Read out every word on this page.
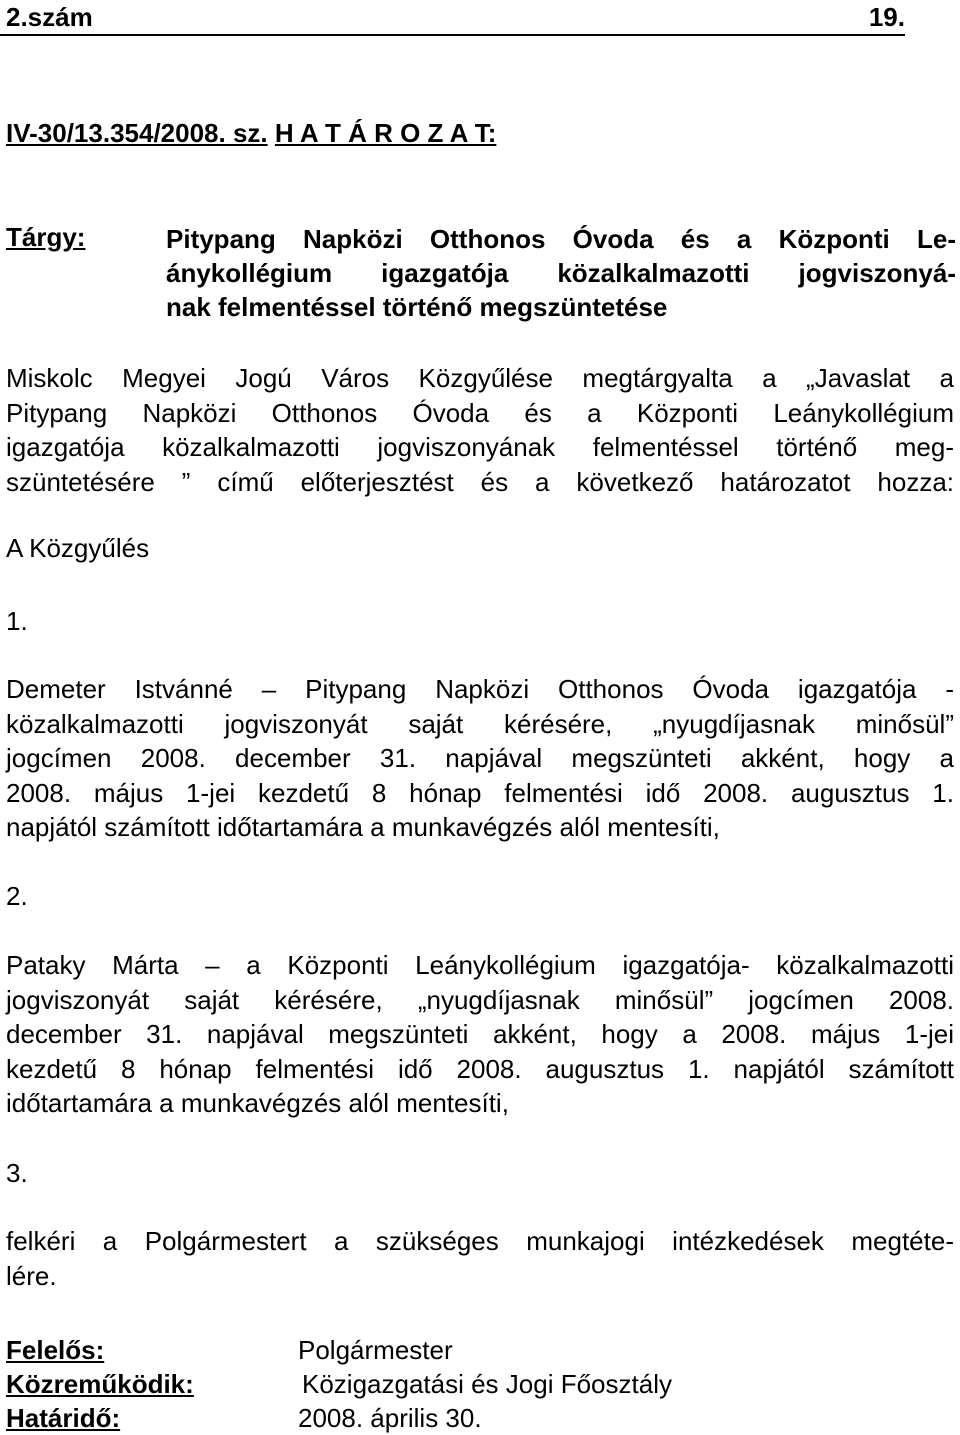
2.szám	19.
IV-30/13.354/2008. sz. H A T Á R O Z A T:
Tárgy:	Pitypang Napközi Otthonos Óvoda és a Központi Le-
ánykollégium igazgatója közalkalmazotti jogviszonyá-
nak felmentéssel történő megszüntetése
Miskolc Megyei Jogú Város Közgyűlése megtárgyalta a „Javaslat a
Pitypang Napközi Otthonos Óvoda és a Központi Leánykollégium
igazgatója közalkalmazotti jogviszonyának felmentéssel történő meg-
szüntetésére ” című előterjesztést és a következő határozatot hozza:
A Közgyűlés
1.
Demeter Istvánné – Pitypang Napközi Otthonos Óvoda igazgatója -
közalkalmazotti jogviszonyát saját kérésére, „nyugdíjasnak minősül”
jogcímen 2008. december 31. napjával megszünteti akként, hogy a
2008. május 1-jei kezdetű 8 hónap felmentési idő 2008. augusztus 1.
napjától számított időtartamára a munkavégzés alól mentesíti,
2.
Pataky Márta – a Központi Leánykollégium igazgatója- közalkalmazotti
jogviszonyát saját kérésére, „nyugdíjasnak minősül” jogcímen 2008.
december 31. napjával megszünteti akként, hogy a 2008. május 1-jei
kezdetű 8 hónap felmentési idő 2008. augusztus 1. napjától számított
időtartamára a munkavégzés alól mentesíti,
3.
felkéri a Polgármestert a szükséges munkajogi intézkedések megtéte-
lére.
Felelős:	Polgármester
Közreműködik:	Közigazgatási és Jogi Főosztály
Határidő:	2008. április 30.
